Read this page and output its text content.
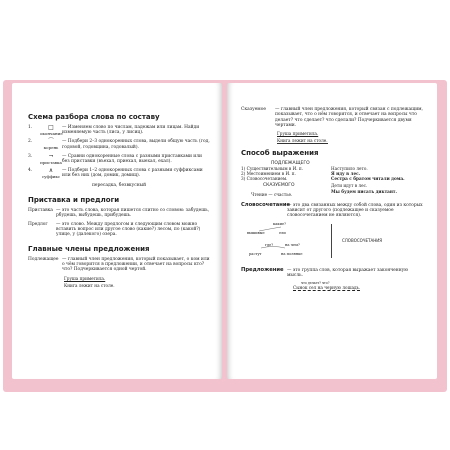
Схема разбора слова по составу
1.	□
окончание
— Изменяем слово по числам, падежам или лицам. Найди изменяемую часть (лиса, у лисиц).
2.	⌒
корень
— Подбери 2–3 однокоренных слова, выдели общую часть (год, годовой, годовщина, годовалый).
3.	¬
приставка
— Сравни однокоренные слова с разными приставками или без приставки (въехал, приехал, выехал, ехал).
4.	∧
суффикс
— Подбери 1–2 однокоренных слова с разными суффиксами или без них (дом, домик, домищ).
пересадка, безвкусный
Приставка и предлоги
Приставка — это часть слова, которая пишется слитно со словом: забудешь, рбудешь, выбудешь, прибудешь.
Предлог	— это слово. Между предлогом и следующим словом можно вставить вопрос или другое слово (какие?) лесом, по (какой?) улице, у (далекого) озера.
Главные члены предложения
Подлежащее — главный член предложения, который показывает, о ком или о чём говорится в предложении, и отвечает на вопросы кто? что? Подчеркивается одной чертой.
Груша приметила.
Книга лежит на столе.
Сказуемое	— главный член предложения, который связан с подлежащим, показывает, что о нём говорится, и отвечает на вопросы что делает? что сделает? что сделали? Подчеркивается двумя чертами.
Груша приметила.
Книга лежит на столе.
Способ выражения
ПОДЛЕЖАЩЕГО
1) Существительным в И. п.
2) Местоимением в И. п.
3) Словосочетанием.
Наступило лето.
Я иду в лес.
Сестра с братом читали дома.
СКАЗУЕМОГО
Чтение — счастье.
Дети идут в лес.
Мы будем писать диктант.
Словосочетание
— это два связанных между собой слова, один из которых зависит от другого (подлежащее и сказуемое словосочетанием не являются).
какие?
вышивые	ели
где?	на чем?
растут	на полянке
СЛОВОСОЧЕТАНИЯ
Предложение — это группа слов, которая выражает законченную мысль.
что делает? что?
Сынок сел на черную лошадь.
